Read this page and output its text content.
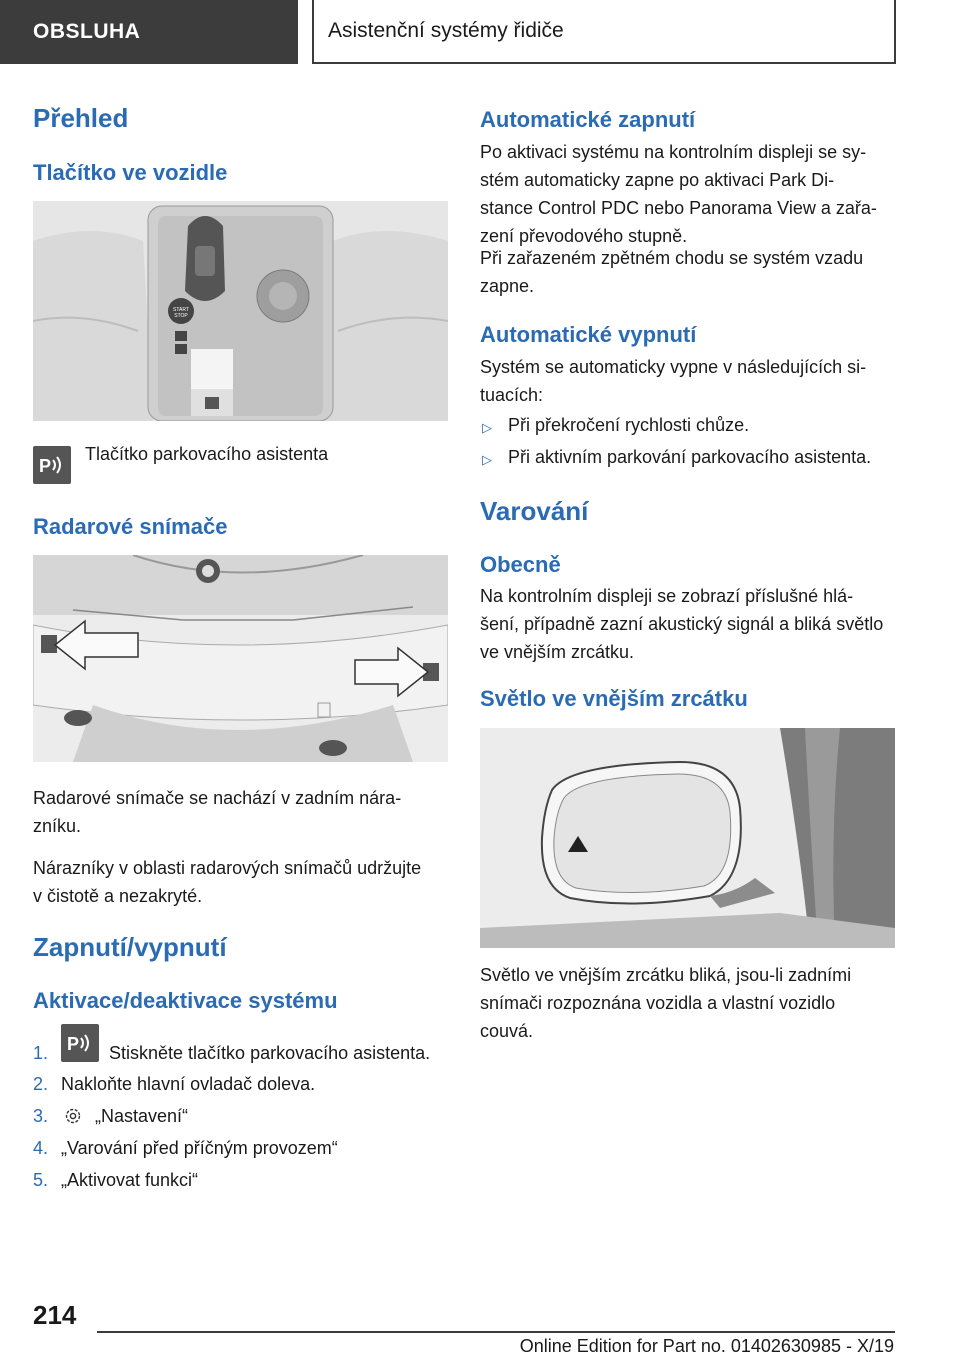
OBSLUHA	Asistenční systémy řidiče
Přehled
Tlačítko ve vozidle
START
STOP
P
Tlačítko parkovacího asistenta
Radarové snímače
Radarové snímače se nachází v zadním nára‐
zníku.
Nárazníky v oblasti radarových snímačů udržujte
v čistotě a nezakryté.
Zapnutí/vypnutí
Aktivace/deaktivace systému
1. P Stiskněte tlačítko parkovacího asistenta.
2. Nakloňte hlavní ovladač doleva.
3.	„Nastavení“
4. „Varování před příčným provozem“
5. „Aktivovat funkci“
Automatické zapnutí
Po aktivaci systému na kontrolním displeji se sy‐
stém automaticky zapne po aktivaci Park Di‐
stance Control PDC nebo Panorama View a zařa‐
zení převodového stupně.
Při zařazeném zpětném chodu se systém vzadu
zapne.
Automatické vypnutí
Systém se automaticky vypne v následujících si‐
tuacích:
▷ Při překročení rychlosti chůze.
▷ Při aktivním parkování parkovacího asistenta.
Varování
Obecně
Na kontrolním displeji se zobrazí příslušné hlá‐
šení, případně zazní akustický signál a bliká světlo
ve vnějším zrcátku.
Světlo ve vnějším zrcátku
Světlo ve vnějším zrcátku bliká, jsou-li zadními
snímači rozpoznána vozidla a vlastní vozidlo
couvá.
214
Online Edition for Part no. 01402630985 - X/19
